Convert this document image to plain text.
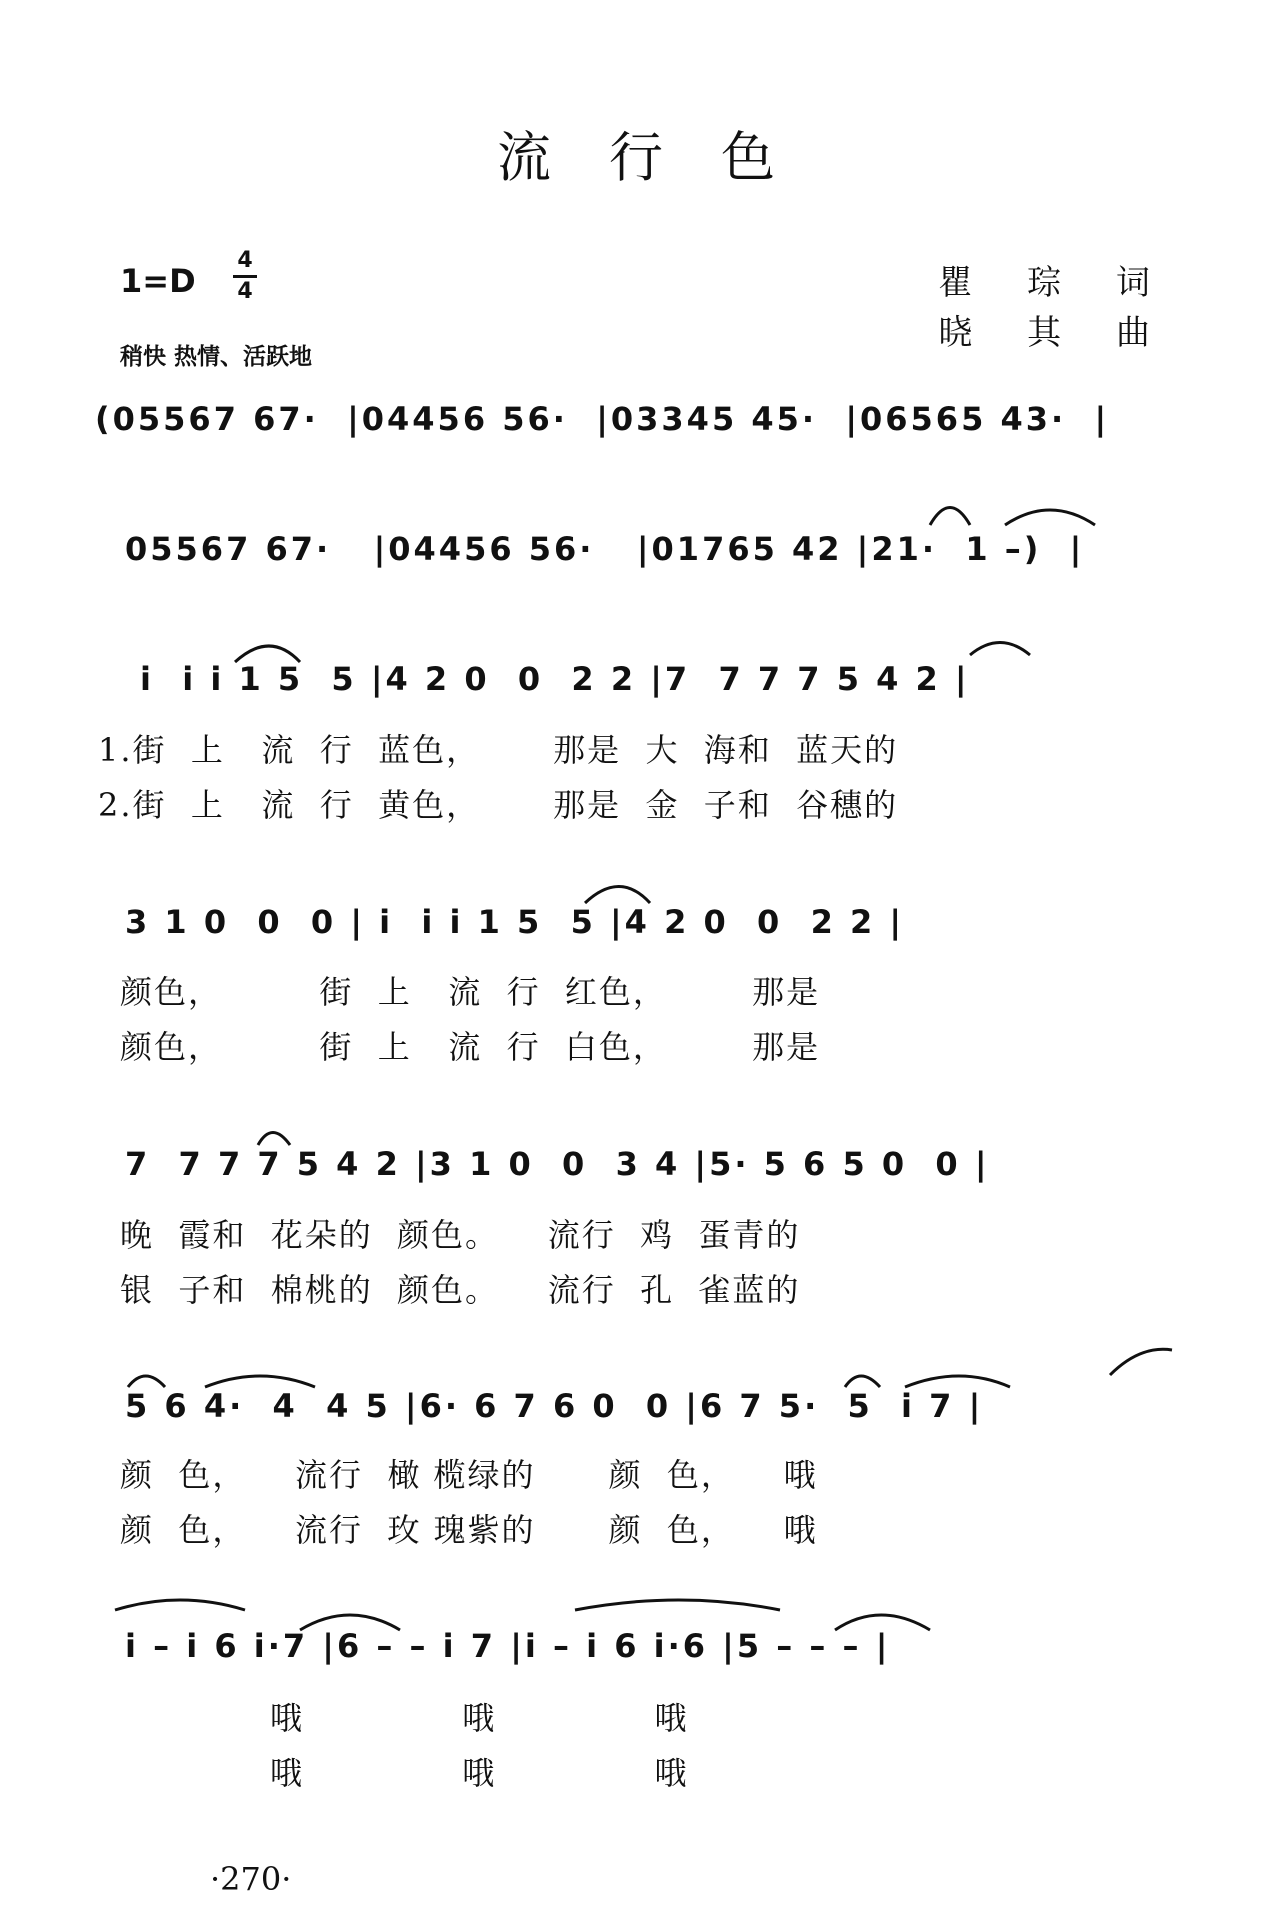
流行色
1=D
4
4
稍快 热情、活跃地
瞿 琮 词
晓 其 曲
(05567 67·  |04456 56·  |03345 45·  |06565 43·  |
05567 67·   |04456 56·   |01765 42 |21·  1 –)  |
i  i i 1 5  5 |4 2 0  0  2 2 |7  7 7 7 5 4 2 |
1.街  上   流  行  蓝色，      那是  大  海和  蓝天的
2.街  上   流  行  黄色，      那是  金  子和  谷穗的
3 1 0  0  0 | i  i i 1 5  5 |4 2 0  0  2 2 |
颜色，        街  上   流  行  红色，       那是
颜色，        街  上   流  行  白色，       那是
7  7 7 7 5 4 2 |3 1 0  0  3 4 |5· 5 6 5 0  0 |
晚  霞和  花朵的  颜色。    流行  鸡  蛋青的
银  子和  棉桃的  颜色。    流行  孔  雀蓝的
5 6 4·  4  4 5 |6· 6 7 6 0  0 |6 7 5·  5  i 7 |
颜  色，    流行  橄 榄绿的      颜  色，    哦
颜  色，    流行  玫 瑰紫的      颜  色，    哦
i – i 6 i·7 |6 – – i 7 |i – i 6 i·6 |5 – – – |
哦             哦             哦
哦             哦             哦
·270·
